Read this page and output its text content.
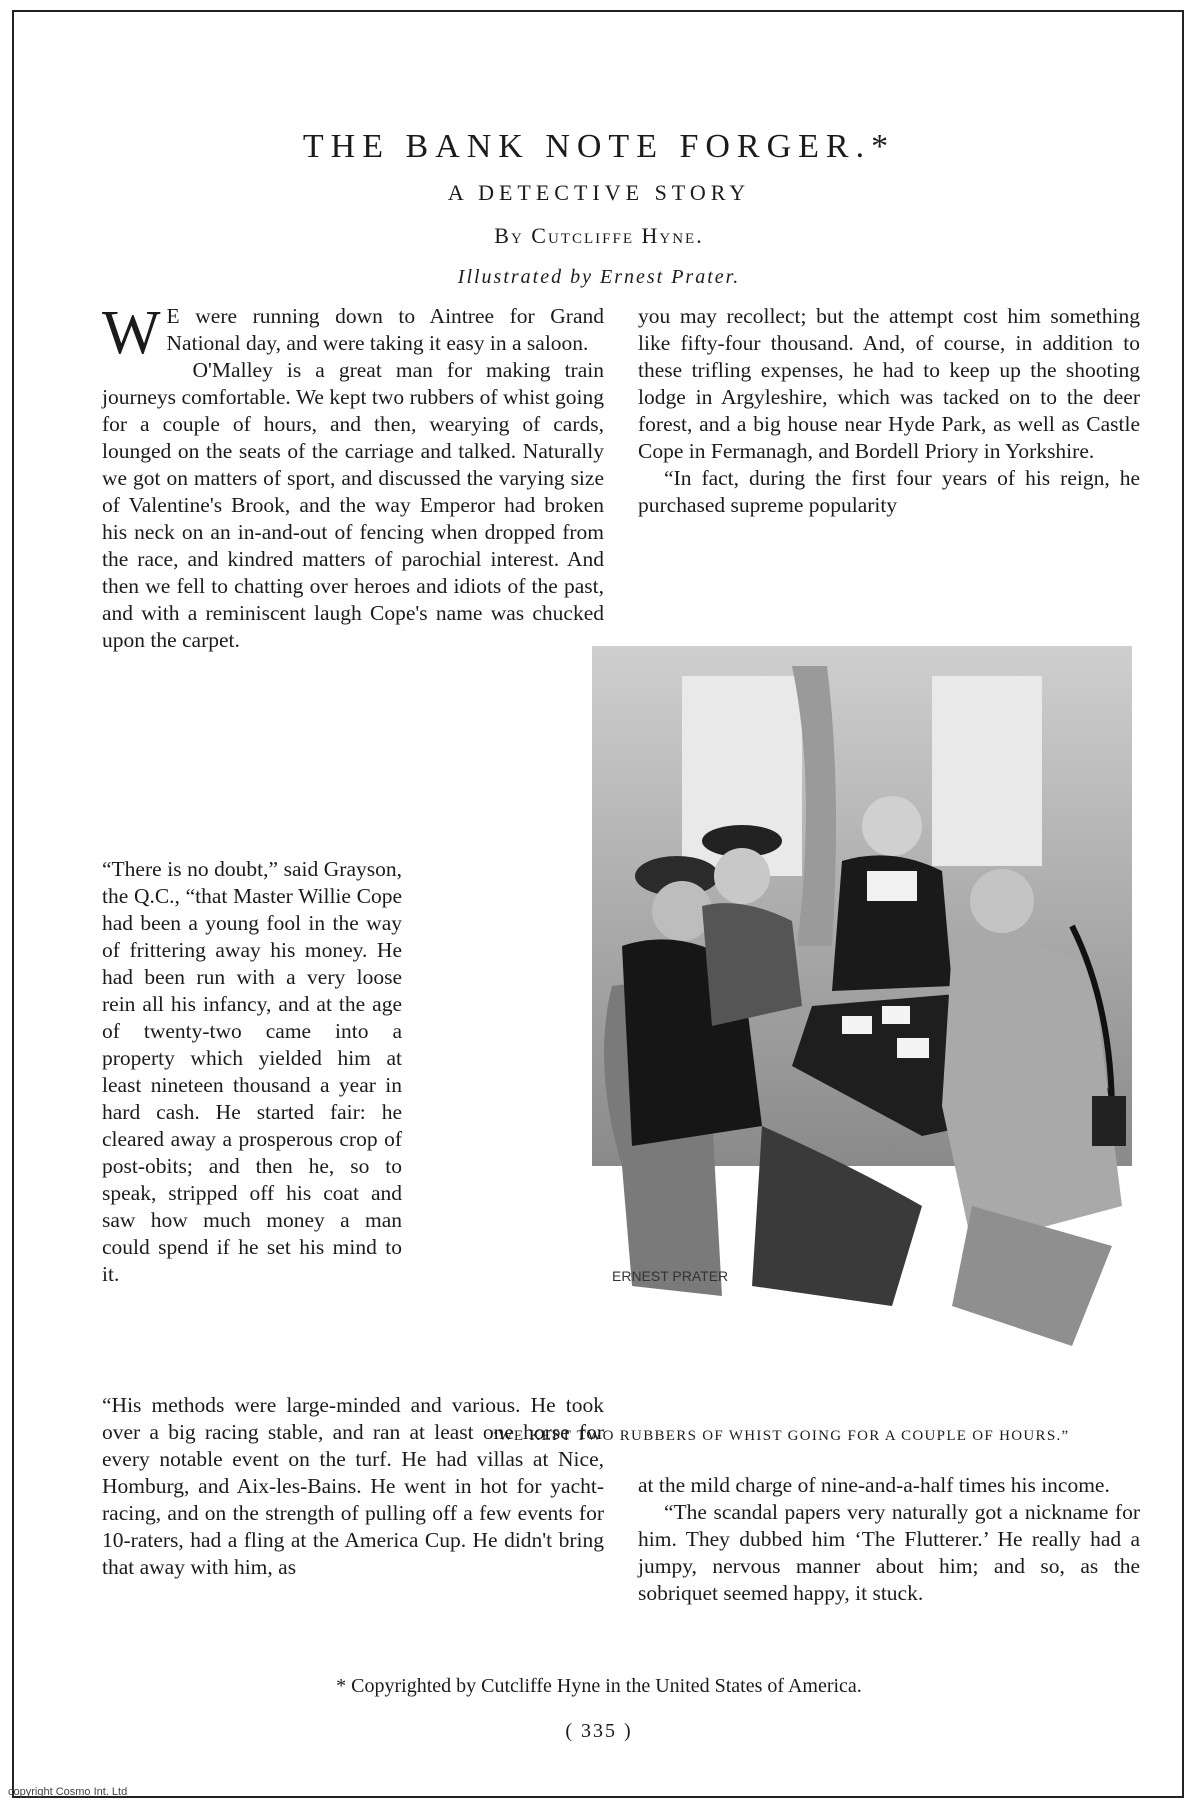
THE BANK NOTE FORGER.*

A DETECTIVE STORY

By Cutcliffe Hyne.

Illustrated by Ernest Prater.

W E were running down to Aintree for Grand National day, and were taking it easy in a saloon.

O'Malley is a great man for making train journeys comfortable. We kept two rubbers of whist going for a couple of hours, and then, wearying of cards, lounged on the seats of the carriage and talked. Naturally we got on matters of sport, and discussed the varying size of Valentine's Brook, and the way Emperor had broken his neck on an in-and-out of fencing when dropped from the race, and kindred matters of parochial interest. And then we fell to chatting over heroes and idiots of the past, and with a reminiscent laugh Cope's name was chucked upon the carpet.

“There is no doubt,” said Grayson, the Q.C., “that Master Willie Cope had been a young fool in the way of frittering away his money. He had been run with a very loose rein all his infancy, and at the age of twenty-two came into a property which yielded him at least nineteen thousand a year in hard cash. He started fair: he cleared away a prosperous crop of post-obits; and then he, so to speak, stripped off his coat and saw how much money a man could spend if he set his mind to it.

“His methods were large-minded and various. He took over a big racing stable, and ran at least one horse for every notable event on the turf. He had villas at Nice, Homburg, and Aix-les-Bains. He went in hot for yacht-racing, and on the strength of pulling off a few events for 10-raters, had a fling at the America Cup. He didn't bring that away with him, as

you may recollect; but the attempt cost him something like fifty-four thousand. And, of course, in addition to these trifling expenses, he had to keep up the shooting lodge in Argyleshire, which was tacked on to the deer forest, and a big house near Hyde Park, as well as Castle Cope in Fermanagh, and Bordell Priory in Yorkshire.

“In fact, during the first four years of his reign, he purchased supreme popularity

ERNEST PRATER

“WE KEPT TWO RUBBERS OF WHIST GOING FOR A COUPLE OF HOURS.”

at the mild charge of nine-and-a-half times his income.

“The scandal papers very naturally got a nickname for him. They dubbed him ‘The Flutterer.’ He really had a jumpy, nervous manner about him; and so, as the sobriquet seemed happy, it stuck.

* Copyrighted by Cutcliffe Hyne in the United States of America.

( 335 )

copyright Cosmo Int. Ltd
